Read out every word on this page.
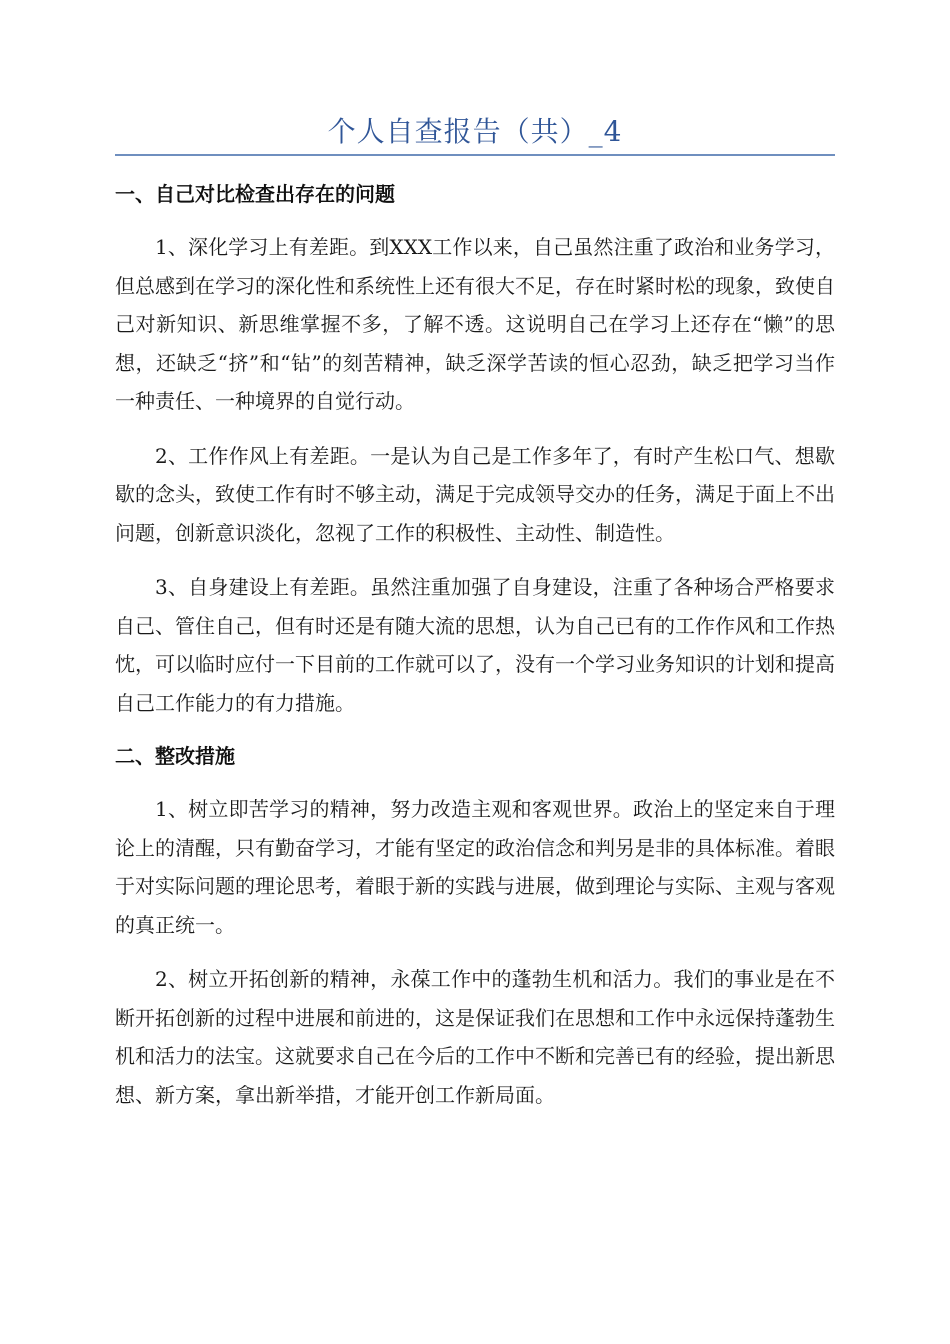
个人自查报告（共）_4
一、自己对比检查出存在的问题

1、深化学习上有差距。到XXX工作以来，自己虽然注重了政治和业务学习，但总感到在学习的深化性和系统性上还有很大不足，存在时紧时松的现象，致使自己对新知识、新思维掌握不多，了解不透。这说明自己在学习上还存在“懒”的思想，还缺乏“挤”和“钻”的刻苦精神，缺乏深学苦读的恒心忍劲，缺乏把学习当作一种责任、一种境界的自觉行动。

2、工作作风上有差距。一是认为自己是工作多年了，有时产生松口气、想歇歇的念头，致使工作有时不够主动，满足于完成领导交办的任务，满足于面上不出问题，创新意识淡化，忽视了工作的积极性、主动性、制造性。

3、自身建设上有差距。虽然注重加强了自身建设，注重了各种场合严格要求自己、管住自己，但有时还是有随大流的思想，认为自己已有的工作作风和工作热忱，可以临时应付一下目前的工作就可以了，没有一个学习业务知识的计划和提高自己工作能力的有力措施。

二、整改措施

1、树立即苦学习的精神，努力改造主观和客观世界。政治上的坚定来自于理论上的清醒，只有勤奋学习，才能有坚定的政治信念和判另是非的具体标准。着眼于对实际问题的理论思考，着眼于新的实践与进展，做到理论与实际、主观与客观的真正统一。

2、树立开拓创新的精神，永葆工作中的蓬勃生机和活力。我们的事业是在不断开拓创新的过程中进展和前进的，这是保证我们在思想和工作中永远保持蓬勃生机和活力的法宝。这就要求自己在今后的工作中不断和完善已有的经验，提出新思想、新方案，拿出新举措，才能开创工作新局面。
